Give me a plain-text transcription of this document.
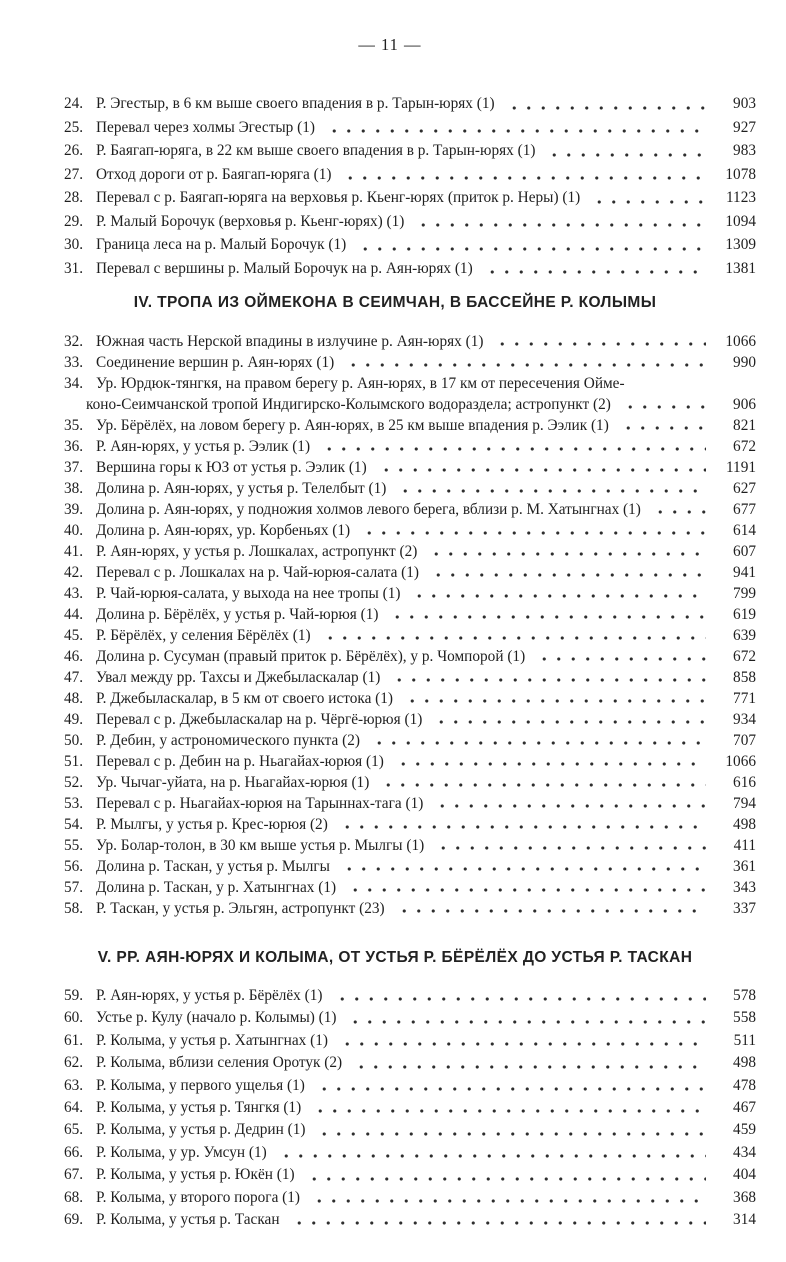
— 11 —
24. Р. Эгестыр, в 6 км выше своего впадения в р. Тарын-юрях (1)	903
25. Перевал через холмы Эгестыр (1)	927
26. Р. Баягап-юряга, в 22 км выше своего впадения в р. Тарын-юрях (1)	983
27. Отход дороги от р. Баягап-юряга (1)	1078
28. Перевал с р. Баягап-юряга на верховья р. Кьенг-юрях (приток р. Неры) (1)	1123
29. Р. Малый Борочук (верховья р. Кьенг-юрях) (1)	1094
30. Граница леса на р. Малый Борочук (1)	1309
31. Перевал с вершины р. Малый Борочук на р. Аян-юрях (1)	1381
IV. ТРОПА ИЗ ОЙМЕКОНА В СЕИМЧАН, В БАССЕЙНЕ Р. КОЛЫМЫ
32. Южная часть Нерской впадины в излучине р. Аян-юрях (1)	1066
33. Соединение вершин р. Аян-юрях (1)	990
34. Ур. Юрдюк-тянгкя, на правом берегу р. Аян-юрях, в 17 км от пересечения Ойме-
коно-Сеимчанской тропой Индигирско-Колымского водораздела; астропункт (2)	906
35. Ур. Бёрёлёх, на ловом берегу р. Аян-юрях, в 25 км выше впадения р. Ээлик (1)	821
36. Р. Аян-юрях, у устья р. Ээлик (1)	672
37. Вершина горы к ЮЗ от устья р. Ээлик (1)	1191
38. Долина р. Аян-юрях, у устья р. Телелбыт (1)	627
39. Долина р. Аян-юрях, у подножия холмов левого берега, вблизи р. М. Хатынгнах (1)	677
40. Долина р. Аян-юрях, ур. Корбеньях (1)	614
41. Р. Аян-юрях, у устья р. Лошкалах, астропункт (2)	607
42. Перевал с р. Лошкалах на р. Чай-юрюя-салата (1)	941
43. Р. Чай-юрюя-салата, у выхода на нее тропы (1)	799
44. Долина р. Бёрёлёх, у устья р. Чай-юрюя (1)	619
45. Р. Бёрёлёх, у селения Бёрёлёх (1)	639
46. Долина р. Сусуман (правый приток р. Бёрёлёх), у р. Чомпорой (1)	672
47. Увал между рр. Тахсы и Джебыласкалар (1)	858
48. Р. Джебыласкалар, в 5 км от своего истока (1)	771
49. Перевал с р. Джебыласкалар на р. Чёргё-юрюя (1)	934
50. Р. Дебин, у астрономического пункта (2)	707
51. Перевал с р. Дебин на р. Ньагайах-юрюя (1)	1066
52. Ур. Чычаг-уйата, на р. Ньагайах-юрюя (1)	616
53. Перевал с р. Ньагайах-юрюя на Тарыннах-тага (1)	794
54. Р. Мылгы, у устья р. Крес-юрюя (2)	498
55. Ур. Болар-толон, в 30 км выше устья р. Мылгы (1)	411
56. Долина р. Таскан, у устья р. Мылгы	361
57. Долина р. Таскан, у р. Хатынгнах (1)	343
58. Р. Таскан, у устья р. Эльгян, астропункт (23)	337
V. РР. АЯН-ЮРЯХ И КОЛЫМА, ОТ УСТЬЯ Р. БЁРЁЛЁХ ДО УСТЬЯ Р. ТАСКАН
59. Р. Аян-юрях, у устья р. Бёрёлёх (1)	578
60. Устье р. Кулу (начало р. Колымы) (1)	558
61. Р. Колыма, у устья р. Хатынгнах (1)	511
62. Р. Колыма, вблизи селения Оротук (2)	498
63. Р. Колыма, у первого ущелья (1)	478
64. Р. Колыма, у устья р. Тянгкя (1)	467
65. Р. Колыма, у устья р. Дедрин (1)	459
66. Р. Колыма, у ур. Умсун (1)	434
67. Р. Колыма, у устья р. Юкён (1)	404
68. Р. Колыма, у второго порога (1)	368
69. Р. Колыма, у устья р. Таскан	314
